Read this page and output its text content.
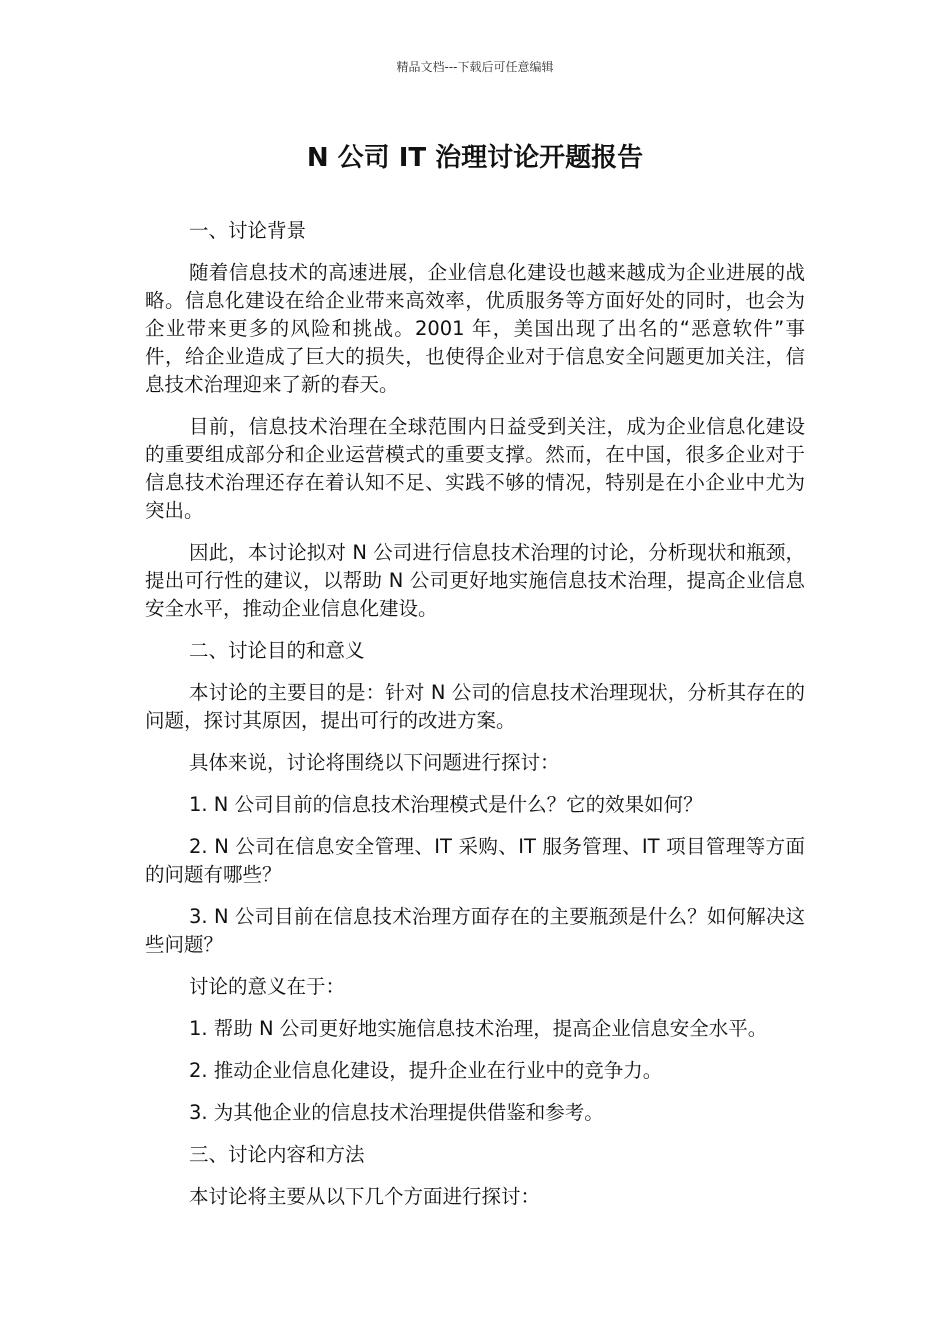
精品文档---下载后可任意编辑
N 公司 IT 治理讨论开题报告

一、讨论背景

随着信息技术的高速进展，企业信息化建设也越来越成为企业进展的战略。信息化建设在给企业带来高效率，优质服务等方面好处的同时，也会为企业带来更多的风险和挑战。2001 年，美国出现了出名的“恶意软件”事件，给企业造成了巨大的损失，也使得企业对于信息安全问题更加关注，信息技术治理迎来了新的春天。

目前，信息技术治理在全球范围内日益受到关注，成为企业信息化建设的重要组成部分和企业运营模式的重要支撑。然而，在中国，很多企业对于信息技术治理还存在着认知不足、实践不够的情况，特别是在小企业中尤为突出。

因此，本讨论拟对 N 公司进行信息技术治理的讨论，分析现状和瓶颈，提出可行性的建议，以帮助 N 公司更好地实施信息技术治理，提高企业信息安全水平，推动企业信息化建设。

二、讨论目的和意义

本讨论的主要目的是：针对 N 公司的信息技术治理现状，分析其存在的问题，探讨其原因，提出可行的改进方案。

具体来说，讨论将围绕以下问题进行探讨：

1. N 公司目前的信息技术治理模式是什么？它的效果如何？

2. N 公司在信息安全管理、IT 采购、IT 服务管理、IT 项目管理等方面的问题有哪些？

3. N 公司目前在信息技术治理方面存在的主要瓶颈是什么？如何解决这些问题？

讨论的意义在于：

1. 帮助 N 公司更好地实施信息技术治理，提高企业信息安全水平。

2. 推动企业信息化建设，提升企业在行业中的竞争力。

3. 为其他企业的信息技术治理提供借鉴和参考。

三、讨论内容和方法

本讨论将主要从以下几个方面进行探讨：
